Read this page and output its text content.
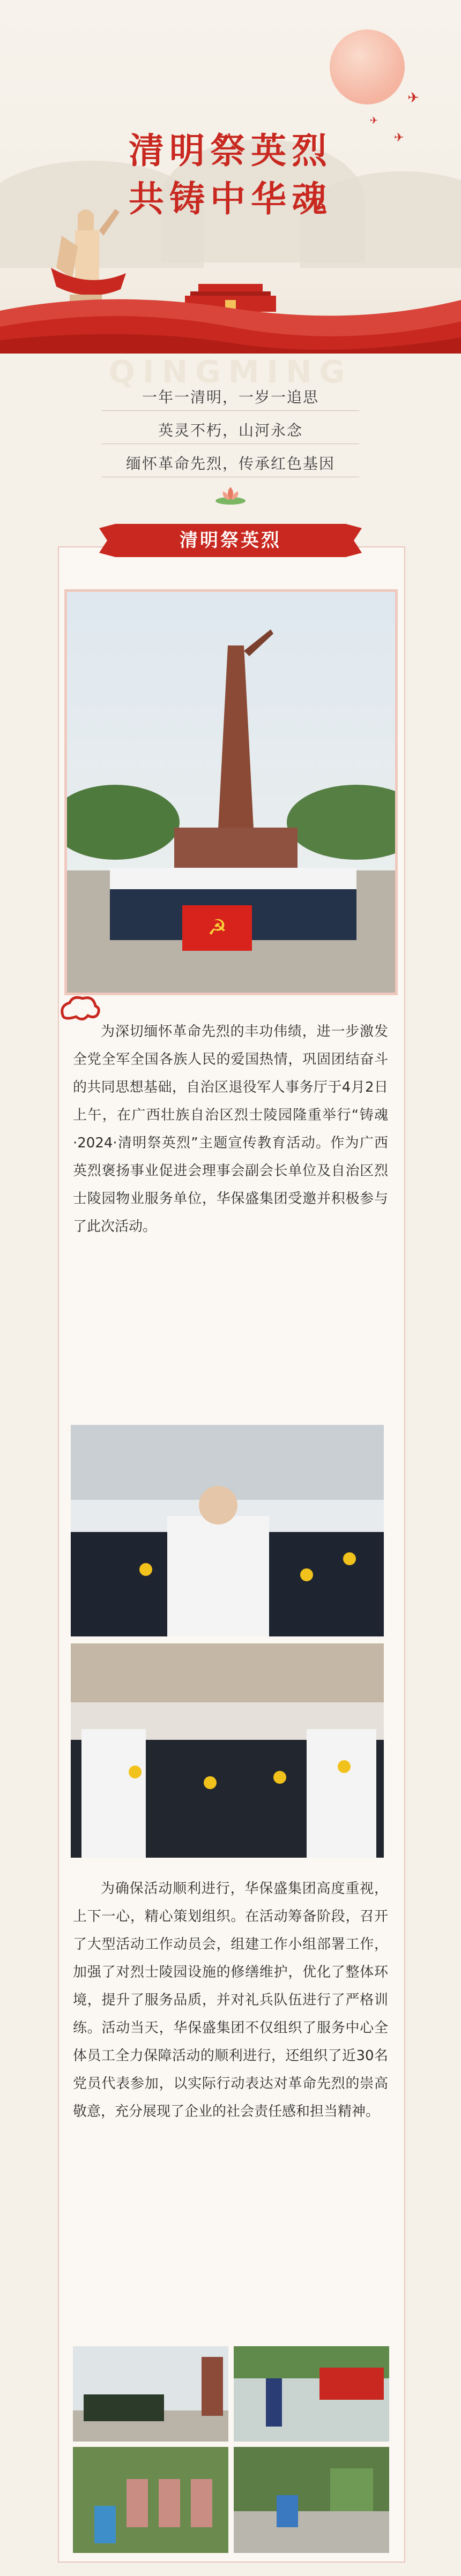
✈
✈
✈
清明祭英烈
共铸中华魂
QINGMING
一年一清明，一岁一追思
英灵不朽，山河永念
缅怀革命先烈，传承红色基因
清明祭英烈
☭
为深切缅怀革命先烈的丰功伟绩，进一步激发全党全军全国各族人民的爱国热情，巩固团结奋斗的共同思想基础，自治区退役军人事务厅于4月2日上午，在广西壮族自治区烈士陵园隆重举行“铸魂·2024·清明祭英烈”主题宣传教育活动。作为广西英烈褒扬事业促进会理事会副会长单位及自治区烈士陵园物业服务单位，华保盛集团受邀并积极参与了此次活动。
为确保活动顺利进行，华保盛集团高度重视，上下一心，精心策划组织。在活动筹备阶段，召开了大型活动工作动员会，组建工作小组部署工作，加强了对烈士陵园设施的修缮维护，优化了整体环境，提升了服务品质，并对礼兵队伍进行了严格训练。活动当天，华保盛集团不仅组织了服务中心全体员工全力保障活动的顺利进行，还组织了近30名党员代表参加，以实际行动表达对革命先烈的崇高敬意，充分展现了企业的社会责任感和担当精神。
